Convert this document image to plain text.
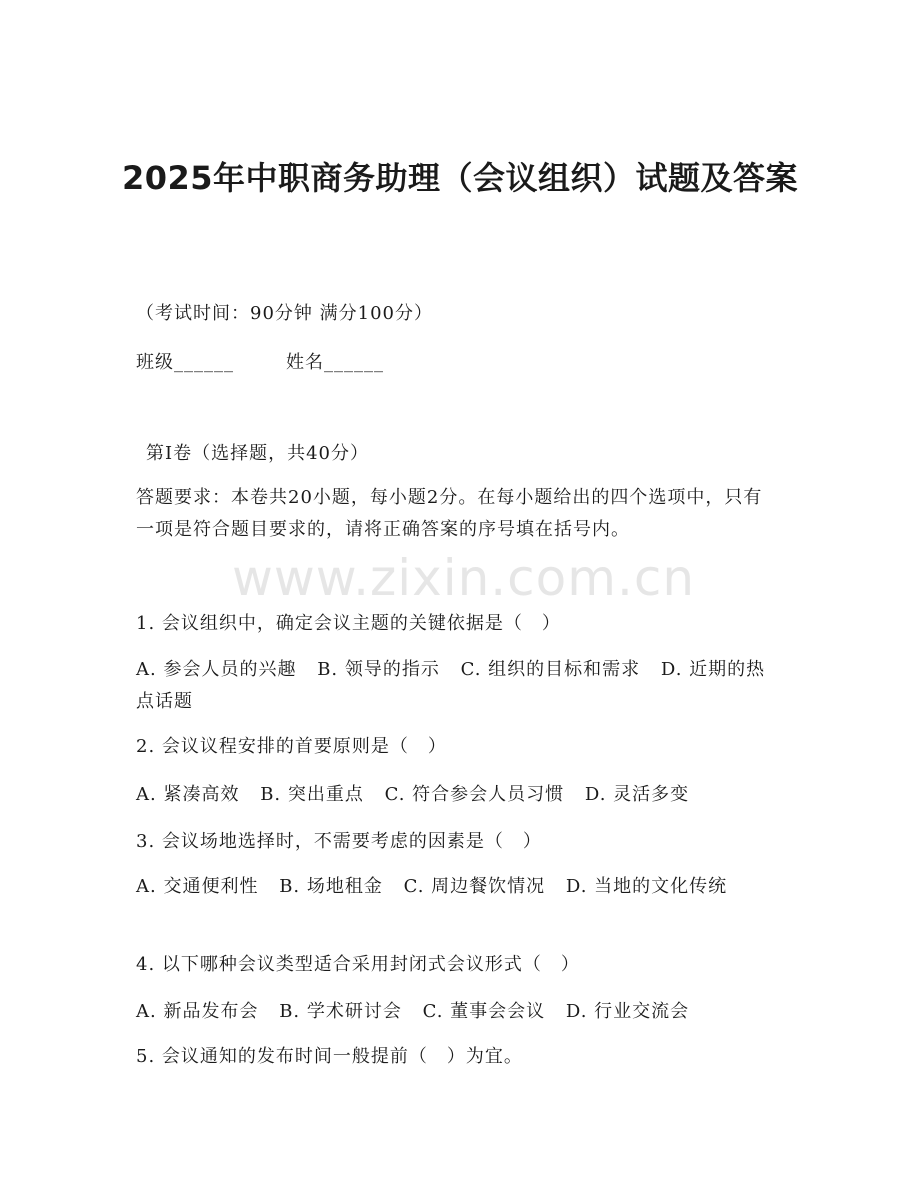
2025年中职商务助理（会议组织）试题及答案
（考试时间：90分钟 满分100分）
班级______	姓名______
第Ⅰ卷（选择题，共40分）
答题要求：本卷共20小题，每小题2分。在每小题给出的四个选项中，只有一项是符合题目要求的，请将正确答案的序号填在括号内。
www.zixin.com.cn
1. 会议组织中，确定会议主题的关键依据是（　）
A. 参会人员的兴趣 B. 领导的指示 C. 组织的目标和需求 D. 近期的热点话题
2. 会议议程安排的首要原则是（　）
A. 紧凑高效 B. 突出重点 C. 符合参会人员习惯 D. 灵活多变
3. 会议场地选择时，不需要考虑的因素是（　）
A. 交通便利性 B. 场地租金 C. 周边餐饮情况 D. 当地的文化传统
4. 以下哪种会议类型适合采用封闭式会议形式（　）
A. 新品发布会 B. 学术研讨会 C. 董事会会议 D. 行业交流会
5. 会议通知的发布时间一般提前（　）为宜。
